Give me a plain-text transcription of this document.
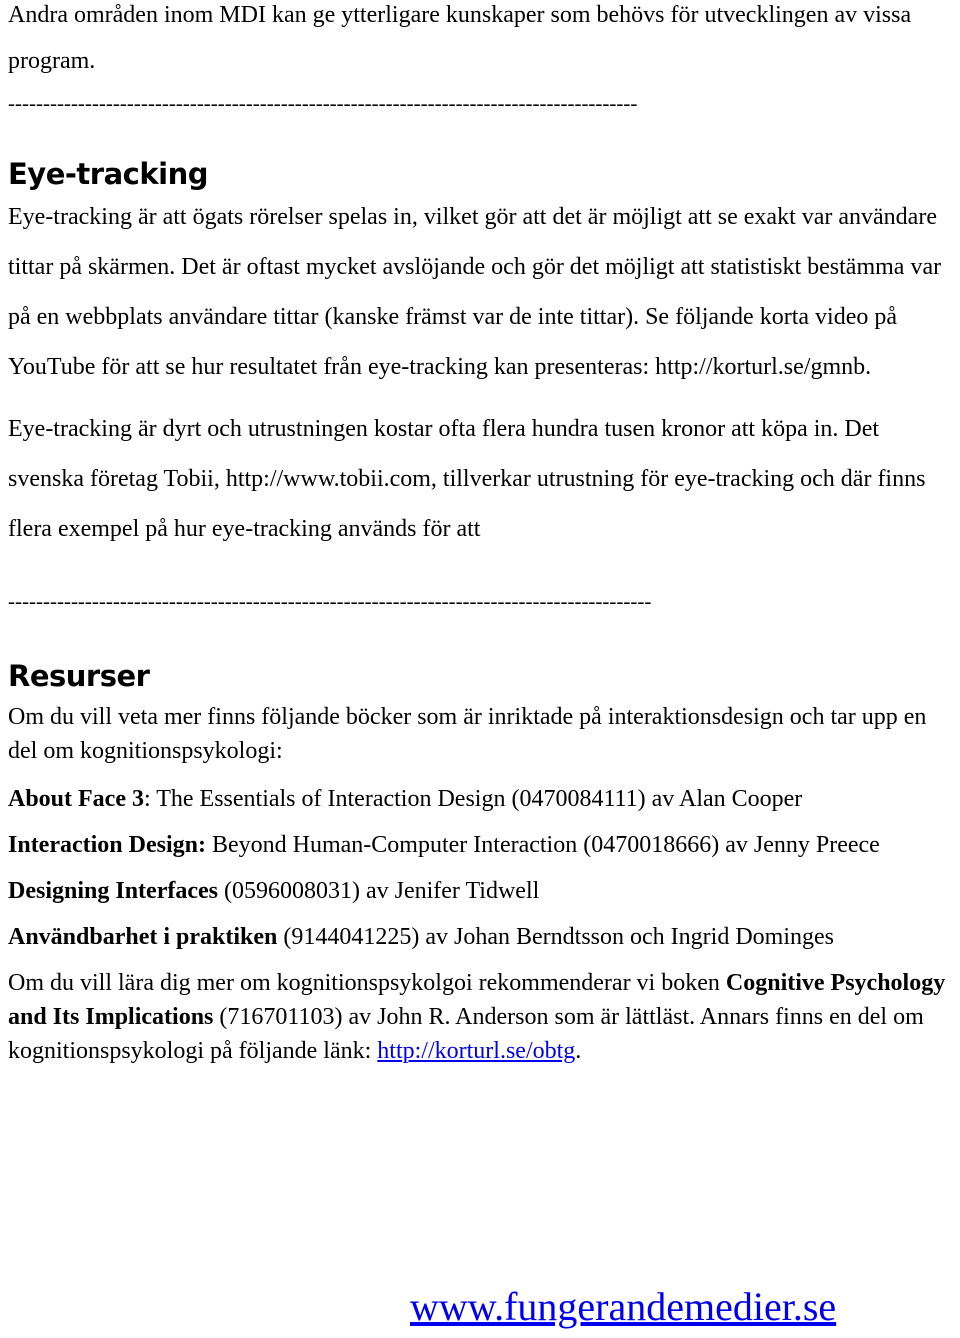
Andra områden inom MDI kan ge ytterligare kunskaper som behövs för utvecklingen av vissa program.

------------------------------------------------------------------------------------------
Eye-tracking

Eye-tracking är att ögats rörelser spelas in, vilket gör att det är möjligt att se exakt var användare tittar på skärmen. Det är oftast mycket avslöjande och gör det möjligt att statistiskt bestämma var på en webbplats användare tittar (kanske främst var de inte tittar). Se följande korta video på YouTube för att se hur resultatet från eye-tracking kan presenteras: http://korturl.se/gmnb.

Eye-tracking är dyrt och utrustningen kostar ofta flera hundra tusen kronor att köpa in. Det svenska företag Tobii, http://www.tobii.com, tillverkar utrustning för eye-tracking och där finns flera exempel på hur eye-tracking används för att

--------------------------------------------------------------------------------------------
Resurser

Om du vill veta mer finns följande böcker som är inriktade på interaktionsdesign och tar upp en del om kognitionspsykologi:

About Face 3: The Essentials of Interaction Design (0470084111) av Alan Cooper

Interaction Design: Beyond Human-Computer Interaction (0470018666) av Jenny Preece

Designing Interfaces (0596008031) av Jenifer Tidwell

Användbarhet i praktiken (9144041225) av Johan Berndtsson och Ingrid Dominges

Om du vill lära dig mer om kognitionspsykolgoi rekommenderar vi boken Cognitive Psychology and Its Implications (716701103) av John R. Anderson som är lättläst. Annars finns en del om kognitionspsykologi på följande länk: http://korturl.se/obtg.

www.fungerandemedier.se
